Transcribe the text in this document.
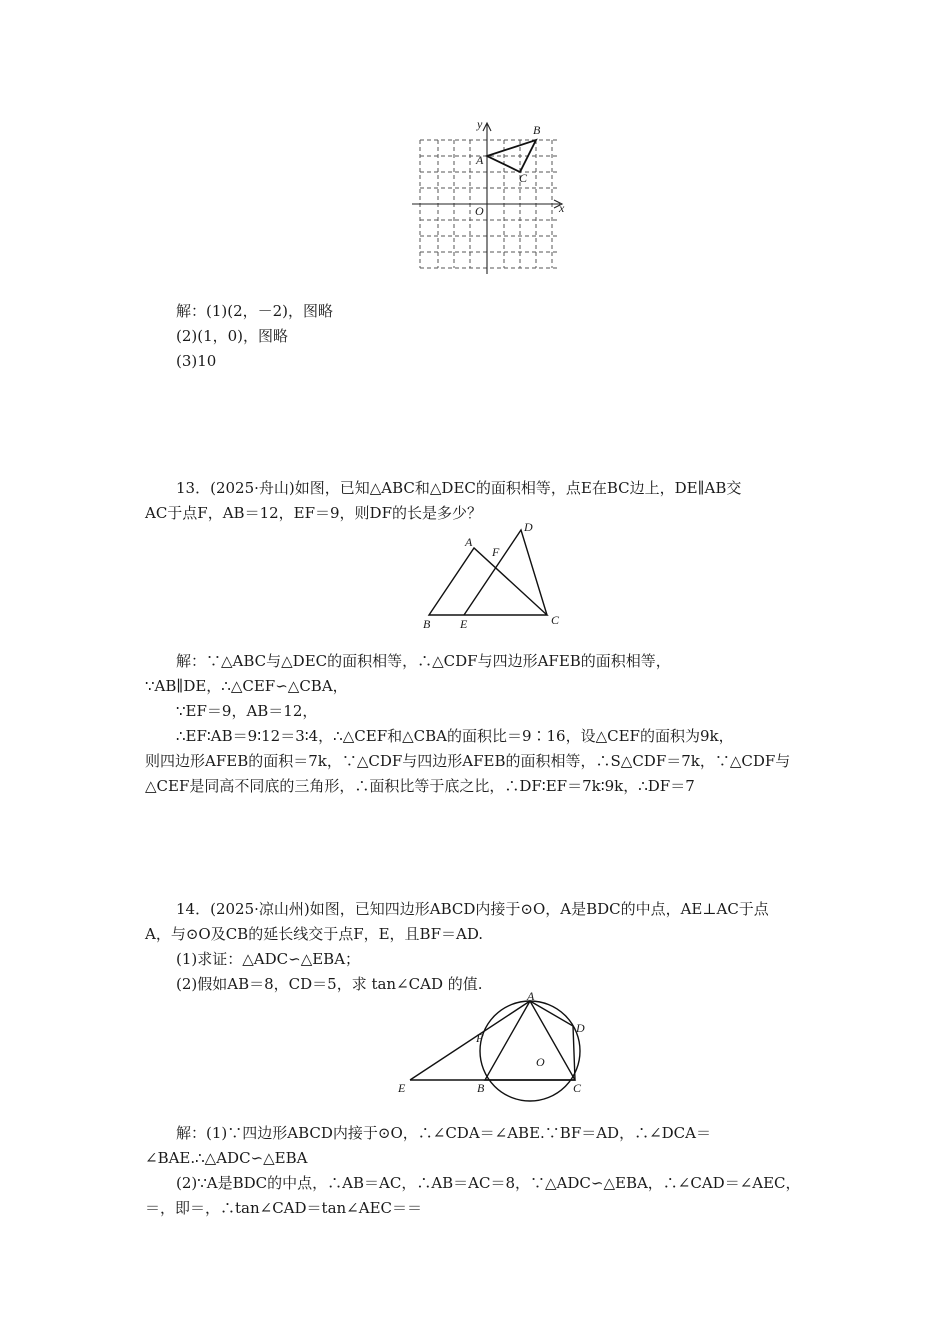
y
x
O
A
B
C
解：(1)(2，－2)，图略
(2)(1，0)，图略
(3)10
13．(2025·舟山)如图，已知△ABC和△DEC的面积相等，点E在BC边上，DE∥AB交
AC于点F，AB＝12，EF＝9，则DF的长是多少？
A
B	C
D
E
F
解：∵△ABC与△DEC的面积相等，∴△CDF与四边形AFEB的面积相等，
∵AB∥DE，∴△CEF∽△CBA，
∵EF＝9，AB＝12，
∴EF∶AB＝9∶12＝3∶4，∴△CEF和△CBA的面积比＝9∶16，设△CEF的面积为9k，
则四边形AFEB的面积＝7k，∵△CDF与四边形AFEB的面积相等，∴S△CDF＝7k，∵△CDF与
△CEF是同高不同底的三角形，∴面积比等于底之比，∴DF∶EF＝7k∶9k，∴DF＝7
14．(2025·凉山州)如图，已知四边形ABCD内接于⊙O，A是BDC的中点，AE⊥AC于点
A，与⊙O及CB的延长线交于点F，E，且BF＝AD.
(1)求证：△ADC∽△EBA；
(2)假如AB＝8，CD＝5，求 tan∠CAD 的值.
A
B	C
D
E
F
O
解：(1)∵四边形ABCD内接于⊙O，∴∠CDA＝∠ABE.∵BF＝AD，∴∠DCA＝
∠BAE.∴△ADC∽△EBA
(2)∵A是BDC的中点，∴AB＝AC，∴AB＝AC＝8，∵△ADC∽△EBA，∴∠CAD＝∠AEC，
＝，即＝，∴tan∠CAD＝tan∠AEC＝＝
